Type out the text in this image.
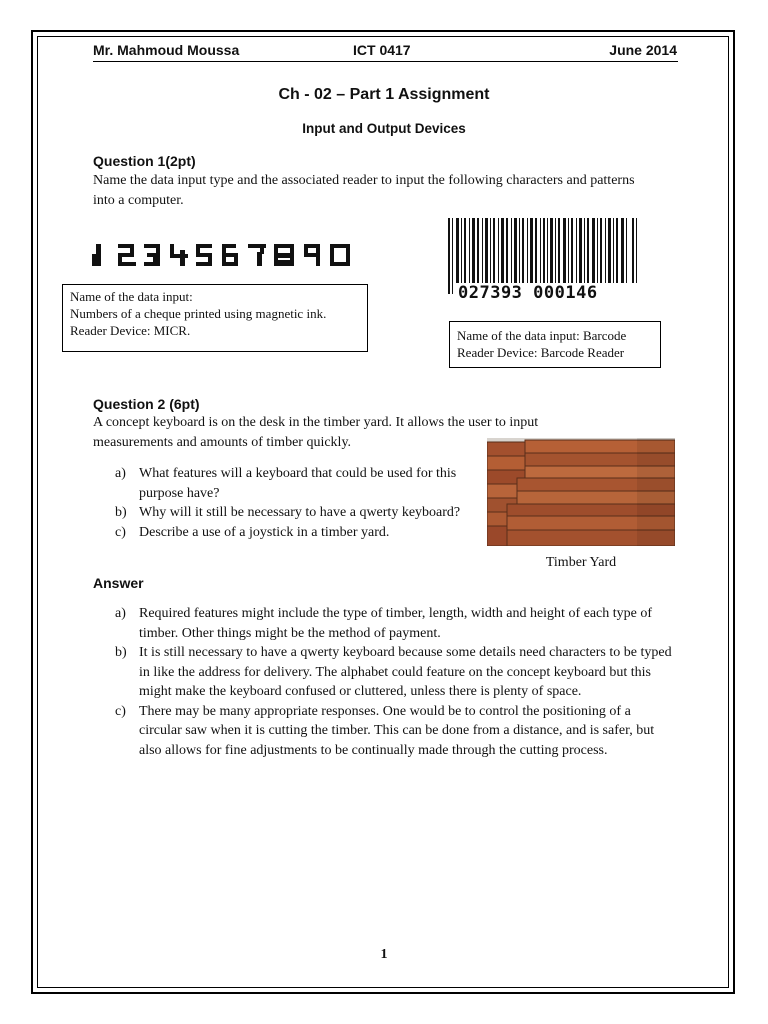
Mr. Mahmoud Moussa	ICT 0417	June 2014
Ch - 02 – Part 1 Assignment
Input and Output Devices
Question 1(2pt)
Name the data input type and the associated reader to input the following characters and patterns into a computer.
027393 000146
Name of the data input:
Numbers of a cheque printed using magnetic ink.
Reader Device: MICR.	Name of the data input: Barcode
Reader Device: Barcode Reader
Question 2 (6pt)
A concept keyboard is on the desk in the timber yard. It allows the user to input measurements and amounts of timber quickly.
a) What features will a keyboard that could be used for this purpose have?
b) Why will it still be necessary to have a qwerty keyboard?
c) Describe a use of a joystick in a timber yard.
Timber Yard
Answer
a) Required features might include the type of timber, length, width and height of each type of timber. Other things might be the method of payment.
b) It is still necessary to have a qwerty keyboard because some details need characters to be typed in like the address for delivery. The alphabet could feature on the concept keyboard but this might make the keyboard confused or cluttered, unless there is plenty of space.
c) There may be many appropriate responses. One would be to control the positioning of a circular saw when it is cutting the timber. This can be done from a distance, and is safer, but also allows for fine adjustments to be continually made through the cutting process.
1
